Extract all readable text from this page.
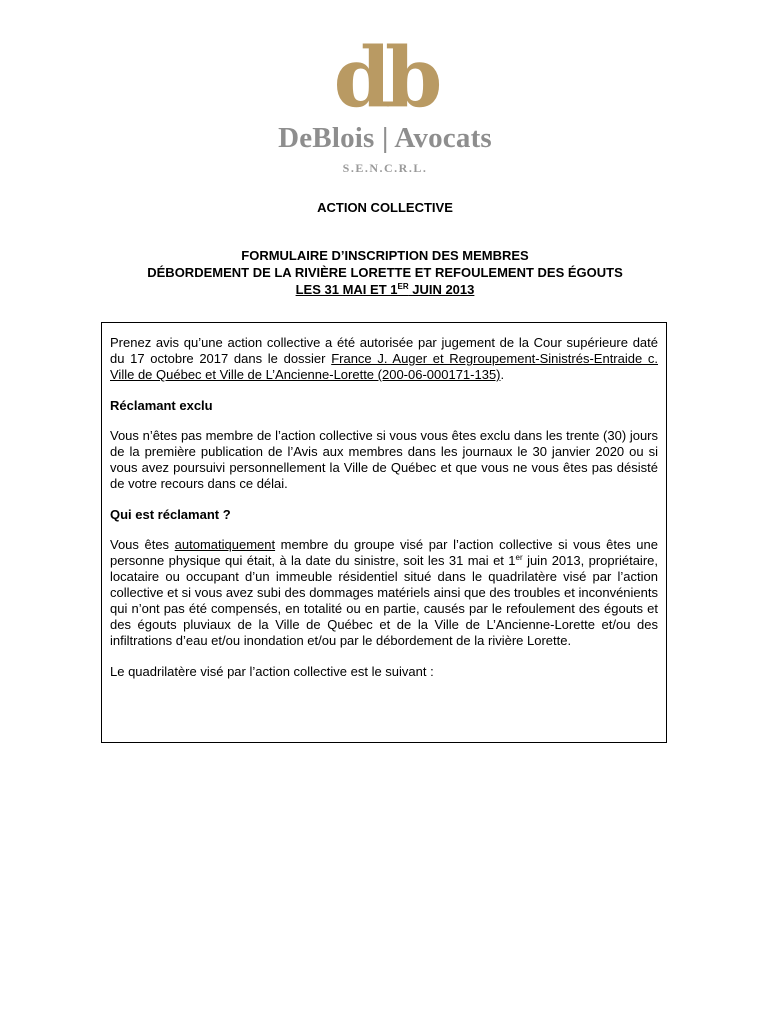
db
DeBlois | Avocats
S.E.N.C.R.L.
ACTION COLLECTIVE
FORMULAIRE D’INSCRIPTION DES MEMBRES
DÉBORDEMENT DE LA RIVIÈRE LORETTE ET REFOULEMENT DES ÉGOUTS
LES 31 MAI ET 1ER JUIN 2013

Prenez avis qu’une action collective a été autorisée par jugement de la Cour supérieure daté du 17 octobre 2017 dans le dossier France J. Auger et Regroupement-Sinistrés-Entraide c. Ville de Québec et Ville de L’Ancienne-Lorette (200-06-000171-135).

Réclamant exclu

Vous n’êtes pas membre de l’action collective si vous vous êtes exclu dans les trente (30) jours de la première publication de l’Avis aux membres dans les journaux le 30 janvier 2020 ou si vous avez poursuivi personnellement la Ville de Québec et que vous ne vous êtes pas désisté de votre recours dans ce délai.

Qui est réclamant ?

Vous êtes automatiquement membre du groupe visé par l’action collective si vous êtes une personne physique qui était, à la date du sinistre, soit les 31 mai et 1er juin 2013, propriétaire, locataire ou occupant d’un immeuble résidentiel situé dans le quadrilatère visé par l’action collective et si vous avez subi des dommages matériels ainsi que des troubles et inconvénients qui n’ont pas été compensés, en totalité ou en partie, causés par le refoulement des égouts et des égouts pluviaux de la Ville de Québec et de la Ville de L’Ancienne-Lorette et/ou des infiltrations d’eau et/ou inondation et/ou par le débordement de la rivière Lorette.

Le quadrilatère visé par l’action collective est le suivant :
